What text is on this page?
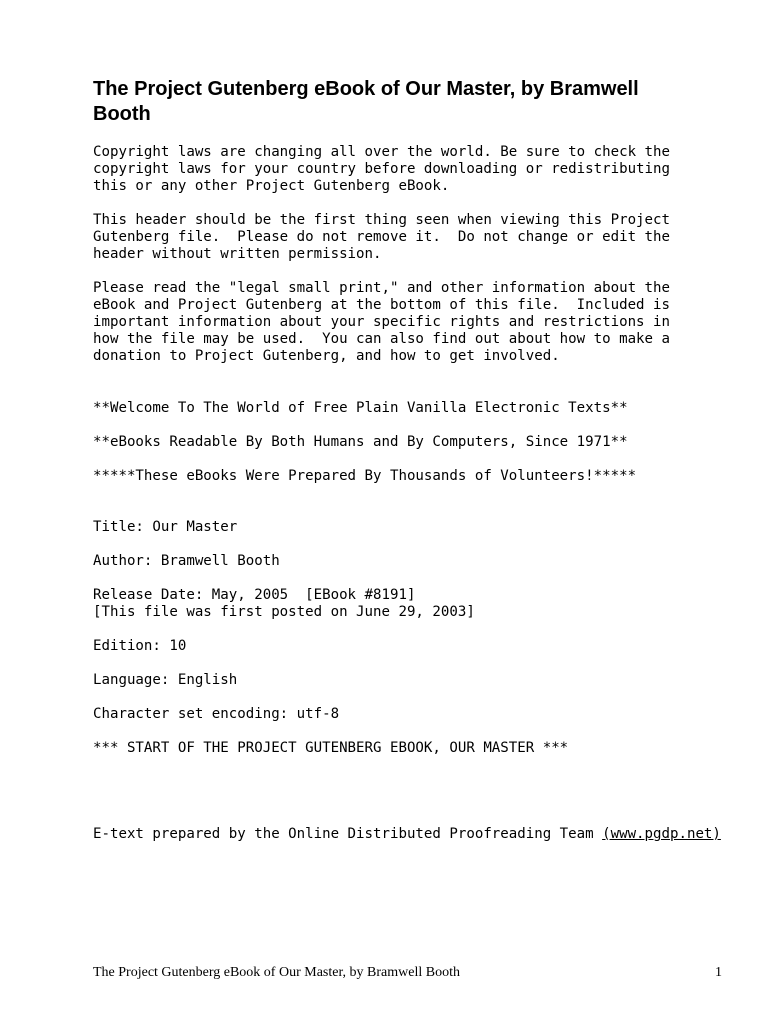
The Project Gutenberg eBook of Our Master, by Bramwell Booth

Copyright laws are changing all over the world. Be sure to check the
copyright laws for your country before downloading or redistributing
this or any other Project Gutenberg eBook.

This header should be the first thing seen when viewing this Project
Gutenberg file.  Please do not remove it.  Do not change or edit the
header without written permission.

Please read the "legal small print," and other information about the
eBook and Project Gutenberg at the bottom of this file.  Included is
important information about your specific rights and restrictions in
how the file may be used.  You can also find out about how to make a
donation to Project Gutenberg, and how to get involved.

**Welcome To The World of Free Plain Vanilla Electronic Texts**

**eBooks Readable By Both Humans and By Computers, Since 1971**

*****These eBooks Were Prepared By Thousands of Volunteers!*****

Title: Our Master

Author: Bramwell Booth

Release Date: May, 2005  [EBook #8191]
[This file was first posted on June 29, 2003]

Edition: 10

Language: English

Character set encoding: utf-8

*** START OF THE PROJECT GUTENBERG EBOOK, OUR MASTER ***

E-text prepared by the Online Distributed Proofreading Team (www.pgdp.net)

The Project Gutenberg eBook of Our Master, by Bramwell Booth	1
